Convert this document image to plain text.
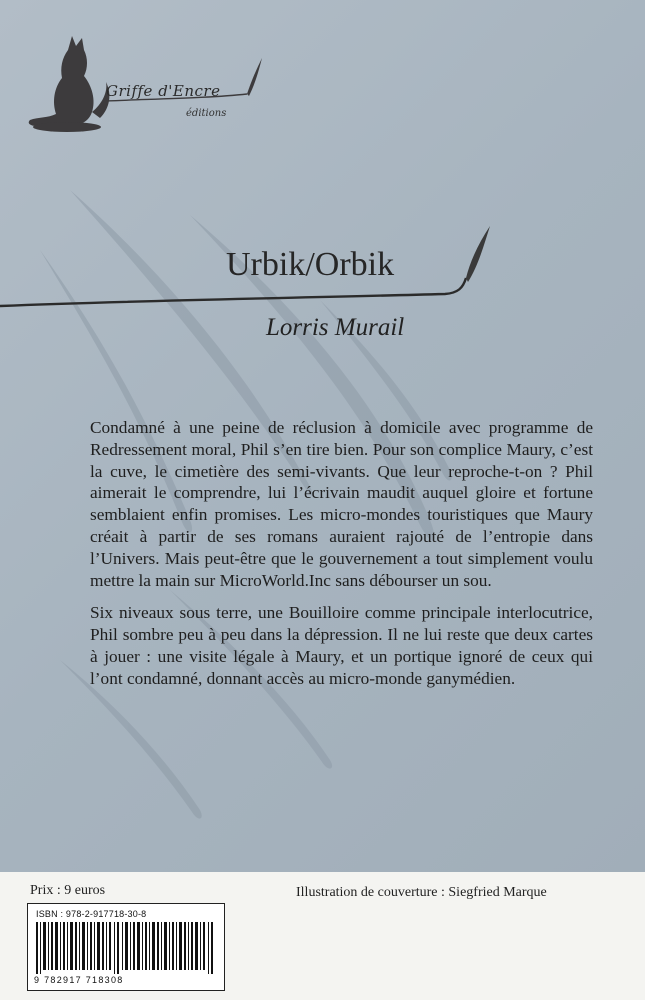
Griffe d'Encre
éditions
Urbik/Orbik
Lorris Murail

Condamné à une peine de réclusion à domicile avec programme de Redressement moral, Phil s’en tire bien. Pour son complice Maury, c’est la cuve, le cimetière des semi-vivants. Que leur reproche-t-on ? Phil aimerait le comprendre, lui l’écrivain maudit auquel gloire et fortune semblaient enfin promises. Les micro-mondes touristiques que Maury créait à partir de ses romans auraient rajouté de l’entropie dans l’Univers. Mais peut-être que le gouvernement a tout simplement voulu mettre la main sur MicroWorld.Inc sans débourser un sou.

Six niveaux sous terre, une Bouilloire comme principale interlocutrice, Phil sombre peu à peu dans la dépression. Il ne lui reste que deux cartes à jouer : une visite légale à Maury, et un portique ignoré de ceux qui l’ont condamné, donnant accès au micro-monde ganymédien.

Prix : 9 euros	Illustration de couverture : Siegfried Marque
ISBN : 978-2-917718-30-8
9 782917 718308
